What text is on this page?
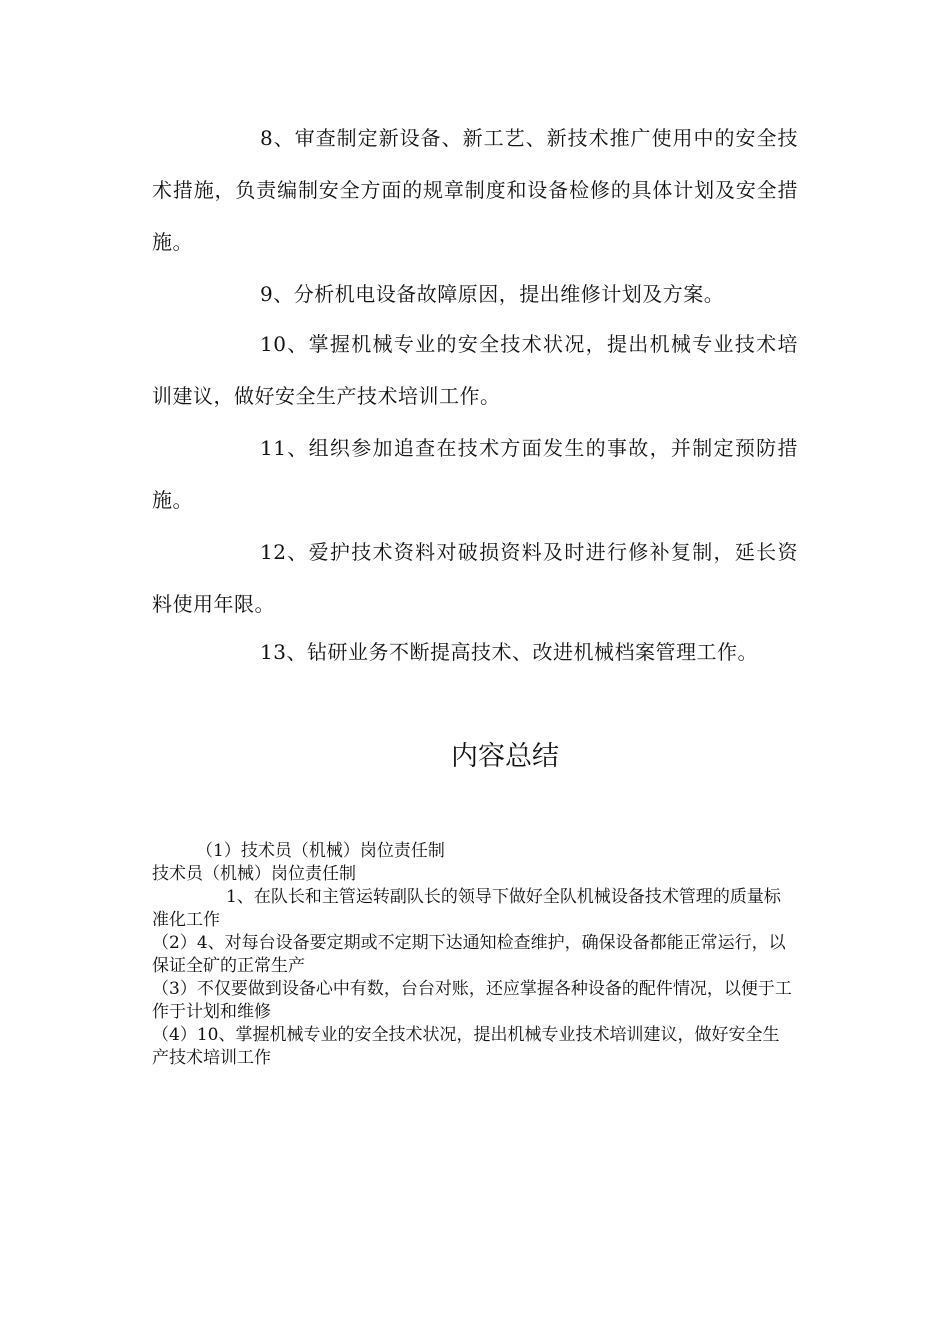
8、审查制定新设备、新工艺、新技术推广使用中的安全技术措施，负责编制安全方面的规章制度和设备检修的具体计划及安全措施。

9、分析机电设备故障原因，提出维修计划及方案。

10、掌握机械专业的安全技术状况，提出机械专业技术培训建议，做好安全生产技术培训工作。

11、组织参加追查在技术方面发生的事故，并制定预防措施。

12、爱护技术资料对破损资料及时进行修补复制，延长资料使用年限。

13、钻研业务不断提高技术、改进机械档案管理工作。

内容总结

（1）技术员（机械）岗位责任制

技术员（机械）岗位责任制

1、在队长和主管运转副队长的领导下做好全队机械设备技术管理的质量标准化工作

（2）4、对每台设备要定期或不定期下达通知检查维护，确保设备都能正常运行，以保证全矿的正常生产

（3）不仅要做到设备心中有数，台台对账，还应掌握各种设备的配件情况，以便于工作于计划和维修

（4）10、掌握机械专业的安全技术状况，提出机械专业技术培训建议，做好安全生产技术培训工作
